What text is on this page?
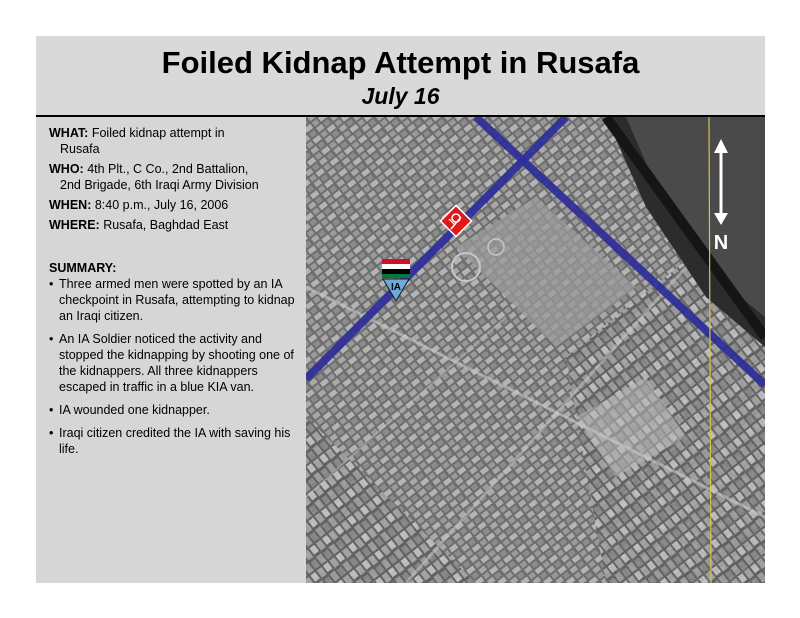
Foiled Kidnap Attempt in Rusafa
July 16
WHAT: Foiled kidnap attempt in
Rusafa
WHO: 4th Plt., C Co., 2nd Battalion,
2nd Brigade, 6th Iraqi Army Division
WHEN: 8:40 p.m., July 16, 2006
WHERE: Rusafa, Baghdad East
SUMMARY:
• Three armed men were spotted by an IA checkpoint in Rusafa, attempting to kidnap an Iraqi citizen.
• An IA Soldier noticed the activity and stopped the kidnapping by shooting one of the kidnappers. All three kidnappers escaped in traffic in a blue KIA van.
• IA wounded one kidnapper.
• Iraqi citizen credited the IA with saving his life.
N
IA
